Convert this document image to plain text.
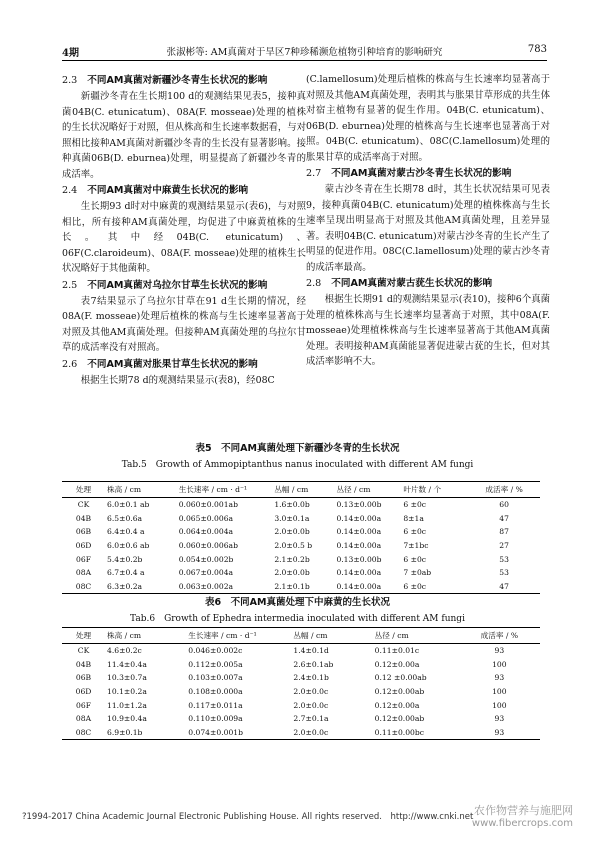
4期	张淑彬等: AM真菌对于旱区7种珍稀濒危植物引种培育的影响研究	783
2.3 不同AM真菌对新疆沙冬青生长状况的影响

新疆沙冬青在生长期100 d的观测结果见表5，接种真菌04B(C. etunicatum)、08A(F. mosseae)处理的植株的生长状况略好于对照，但从株高和生长速率数据看，与对照相比接种AM真菌对新疆沙冬青的生长没有显著影响。接种真菌06B(D. eburnea)处理，明显提高了新疆沙冬青的成活率。

2.4 不同AM真菌对中麻黄生长状况的影响

生长期93 d时对中麻黄的观测结果显示(表6)，与对照相比，所有接种AM真菌处理，均促进了中麻黄植株的生长。其中经04B(C. etunicatum)、06F(C.claroideum)、08A(F. mosseae)处理的植株生长状况略好于其他菌种。

2.5 不同AM真菌对乌拉尔甘草生长状况的影响

表7结果显示了乌拉尔甘草在91 d生长期的情况，经08A(F. mosseae)处理后植株的株高与生长速率显著高于对照及其他AM真菌处理。但接种AM真菌处理的乌拉尔甘草的成活率没有对照高。

2.6 不同AM真菌对胀果甘草生长状况的影响

根据生长期78 d的观测结果显示(表8)，经08C

(C.lamellosum)处理后植株的株高与生长速率均显著高于对照及其他AM真菌处理，表明其与胀果甘草形成的共生体对宿主植物有显著的促生作用。04B(C. etunicatum)、06B(D. eburnea)处理的植株高与生长速率也显著高于对照。04B(C. etunicatum)、08C(C.lamellosum)处理的胀果甘草的成活率高于对照。

2.7 不同AM真菌对蒙古沙冬青生长状况的影响

蒙古沙冬青在生长期78 d时，其生长状况结果可见表9，接种真菌04B(C. etunicatum)处理的植株株高与生长速率呈现出明显高于对照及其他AM真菌处理，且差异显著。表明04B(C. etunicatum)对蒙古沙冬青的生长产生了明显的促进作用。08C(C.lamellosum)处理的蒙古沙冬青的成活率最高。

2.8 不同AM真菌对蒙古莸生长状况的影响

根据生长期91 d的观测结果显示(表10)，接种6个真菌处理的植株株高与生长速率均显著高于对照，其中08A(F. mosseae)处理植株株高与生长速率显著高于其他AM真菌处理。表明接种AM真菌能显著促进蒙古莸的生长，但对其成活率影响不大。

表5　不同AM真菌处理下新疆沙冬青的生长状况
Tab.5　Growth of Ammopiptanthus nanus inoculated with different AM fungi
处理	株高 / cm	生长速率 / cm · d⁻¹	丛幅 / cm	丛径 / cm	叶片数 / 个	成活率 / %
CK	6.0±0.1 ab	0.060±0.001ab	1.6±0.0b	0.13±0.00b	6 ±0c	60
04B	6.5±0.6a	0.065±0.006a	3.0±0.1a	0.14±0.00a	8±1a	47
06B	6.4±0.4 a	0.064±0.004a	2.0±0.0b	0.14±0.00a	6 ±0c	87
06D	6.0±0.6 ab	0.060±0.006ab	2.0±0.5 b	0.14±0.00a	7±1bc	27
06F	5.4±0.2b	0.054±0.002b	2.1±0.2b	0.13±0.00b	6 ±0c	53
08A	6.7±0.4 a	0.067±0.004a	2.0±0.0b	0.14±0.00a	7 ±0ab	53
08C	6.3±0.2a	0.063±0.002a	2.1±0.1b	0.14±0.00a	6 ±0c	47
表6　不同AM真菌处理下中麻黄的生长状况
Tab.6　Growth of Ephedra intermedia inoculated with different AM fungi
处理	株高 / cm	生长速率 / cm · d⁻¹	丛幅 / cm	丛径 / cm	成活率 / %
CK	4.6±0.2c	0.046±0.002c	1.4±0.1d	0.11±0.01c	93
04B	11.4±0.4a	0.112±0.005a	2.6±0.1ab	0.12±0.00a	100
06B	10.3±0.7a	0.103±0.007a	2.4±0.1b	0.12 ±0.00ab	93
06D	10.1±0.2a	0.108±0.000a	2.0±0.0c	0.12±0.00ab	100
06F	11.0±1.2a	0.117±0.011a	2.0±0.0c	0.12±0.00a	100
08A	10.9±0.4a	0.110±0.009a	2.7±0.1a	0.12±0.00ab	93
08C	6.9±0.1b	0.074±0.001b	2.0±0.0c	0.11±0.00bc	93
?1994-2017 China Academic Journal Electronic Publishing House. All rights reserved.　http://www.cnki.net 农作物营养与施肥网
www.fibercrops.com
